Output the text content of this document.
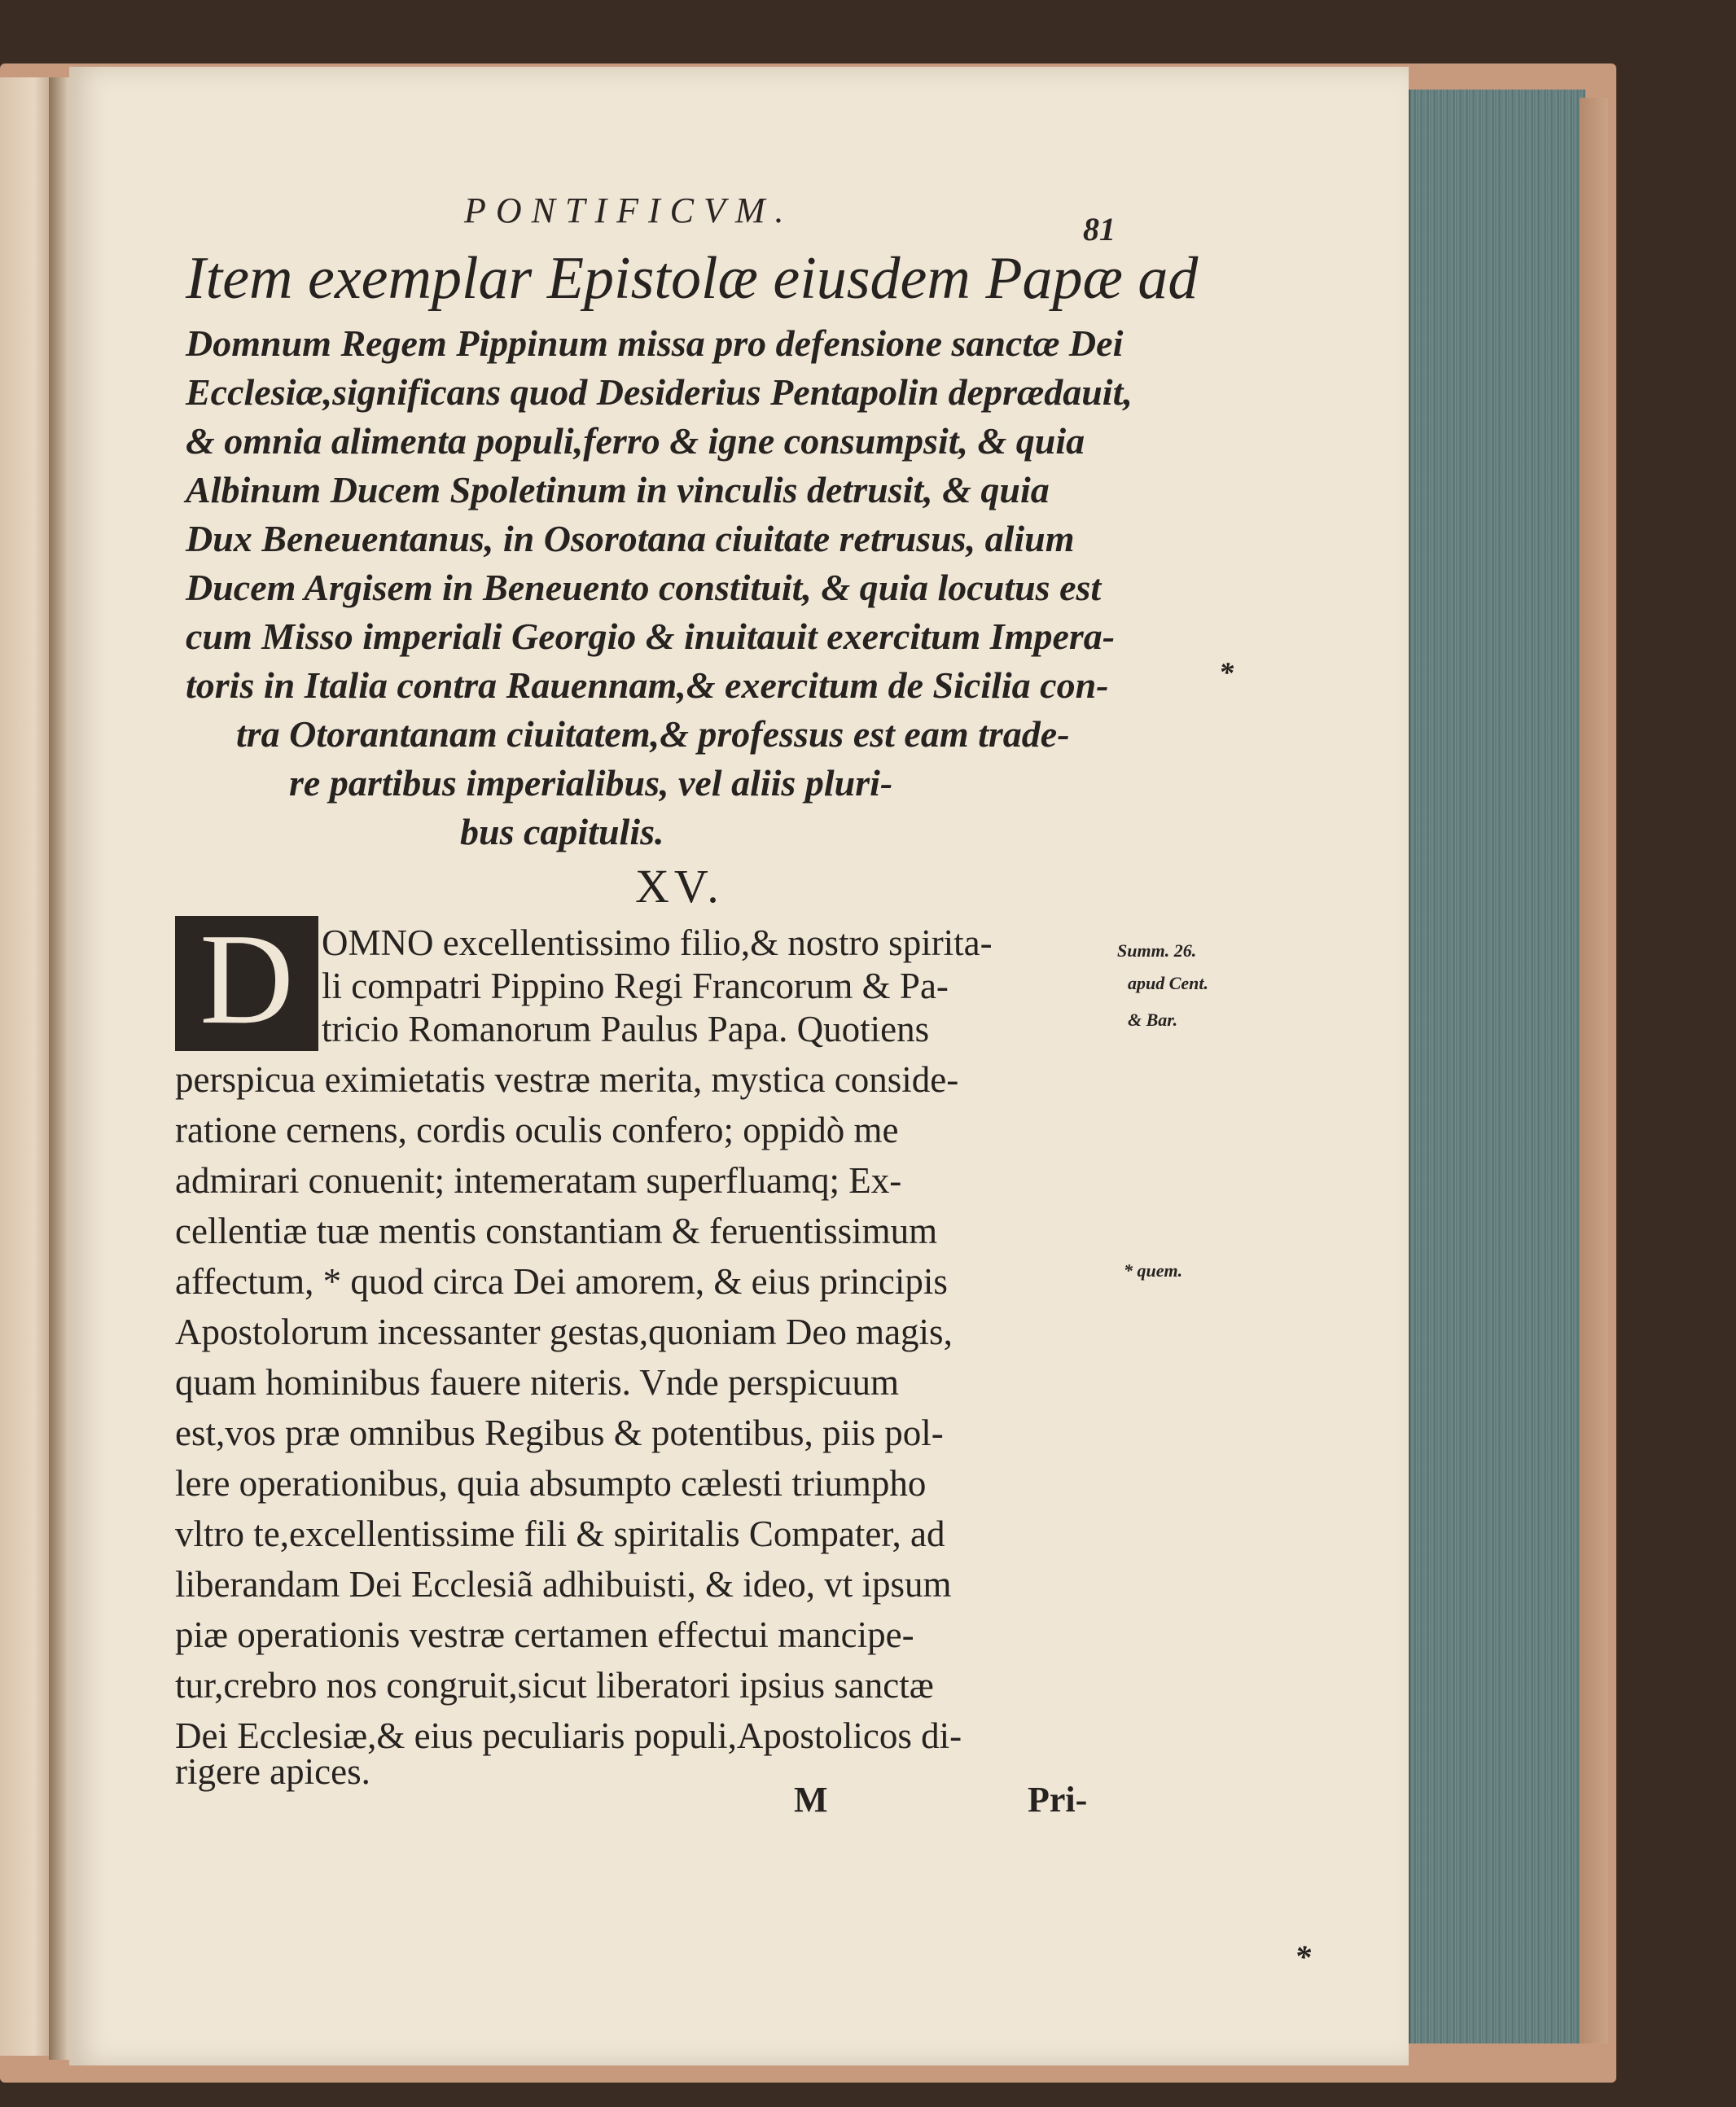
PONTIFICVM.	81
Item exemplar Epistolæ eiusdem Papæ ad
Domnum Regem Pippinum missa pro defensione sanctæ Dei
Ecclesiæ,significans quod Desiderius Pentapolin deprædauit,
& omnia alimenta populi,ferro & igne consumpsit, & quia
Albinum Ducem Spoletinum in vinculis detrusit, & quia
Dux Beneuentanus, in Osorotana ciuitate retrusus, alium
Ducem Argisem in Beneuento constituit, & quia locutus est
cum Misso imperiali Georgio & inuitauit exercitum Impera-
toris in Italia contra Rauennam,& exercitum de Sicilia con-
tra Otorantanam ciuitatem,& professus est eam trade-
re partibus imperialibus, vel aliis pluri-
bus capitulis.
XV.
D OMNO excellentissimo filio,& nostro spirita-
li compatri Pippino Regi Francorum & Pa-
tricio Romanorum Paulus Papa. Quotiens
perspicua eximietatis vestræ merita, mystica conside-
ratione cernens, cordis oculis confero; oppidò me
admirari conuenit; intemeratam superfluamq; Ex-
cellentiæ tuæ mentis constantiam & feruentissimum
affectum, * quod circa Dei amorem, & eius principis
Apostolorum incessanter gestas,quoniam Deo magis,
quam hominibus fauere niteris. Vnde perspicuum
est,vos præ omnibus Regibus & potentibus, piis pol-
lere operationibus, quia absumpto cælesti triumpho
vltro te,excellentissime fili & spiritalis Compater, ad
liberandam Dei Ecclesiã adhibuisti, & ideo, vt ipsum
piæ operationis vestræ certamen effectui mancipe-
tur,crebro nos congruit,sicut liberatori ipsius sanctæ
Dei Ecclesiæ,& eius peculiaris populi,Apostolicos di-
rigere apices.
*
Summ. 26.
apud Cent.
& Bar.
* quem.
*
M	Pri-
